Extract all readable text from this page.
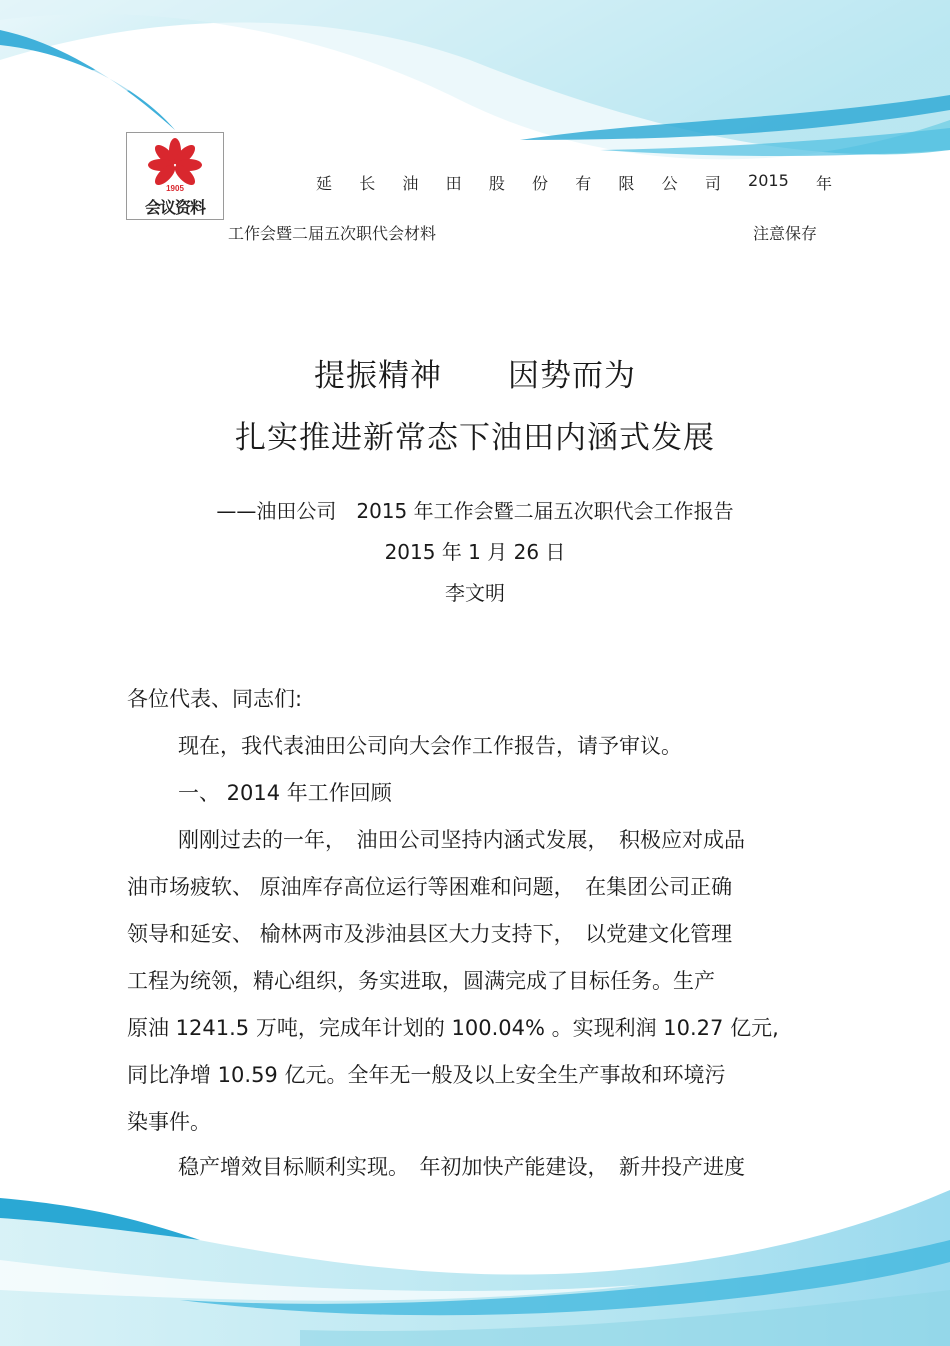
1905
会议资料
延 长 油 田 股 份 有 限 公 司 2015 年
工作会暨二届五次职代会材料	注意保存
提振精神 因势而为
扎实推进新常态下油田内涵式发展
——油田公司　2015 年工作会暨二届五次职代会工作报告
2015 年 1 月 26 日
李文明
各位代表、同志们:
现在，我代表油田公司向大会作工作报告，请予审议。
一、 2014 年工作回顾
刚刚过去的一年，　油田公司坚持内涵式发展，　积极应对成品
油市场疲软、 原油库存高位运行等困难和问题，　在集团公司正确
领导和延安、 榆林两市及涉油县区大力支持下，　以党建文化管理
工程为统领，精心组织，务实进取，圆满完成了目标任务。生产
原油 1241.5 万吨，完成年计划的 100.04% 。实现利润 10.27 亿元,
同比净增 10.59 亿元。全年无一般及以上安全生产事故和环境污
染事件。
稳产增效目标顺利实现。　年初加快产能建设，　新井投产进度
